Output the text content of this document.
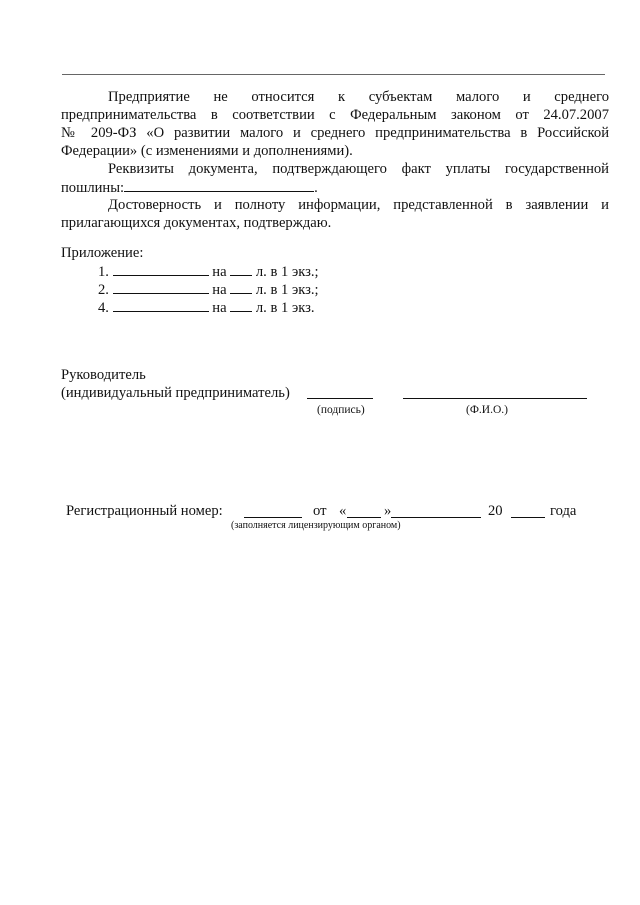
Предприятие не относится к субъектам малого и среднего
предпринимательства в соответствии с Федеральным законом от 24.07.2007
№ 209-ФЗ «О развитии малого и среднего предпринимательства в Российской
Федерации» (с изменениями и дополнениями).
Реквизиты документа, подтверждающего факт уплаты государственной
пошлины:	.
Достоверность и полноту информации, представленной в заявлении и
прилагающихся документах, подтверждаю.
Приложение:
1.	на л. в 1 экз.;
2.	на л. в 1 экз.;
4.	на л. в 1 экз.
Руководитель
(индивидуальный предприниматель)
(подпись)	(Ф.И.О.)
Регистрационный номер:	от «	»	20	года
(заполняется лицензирующим органом)
